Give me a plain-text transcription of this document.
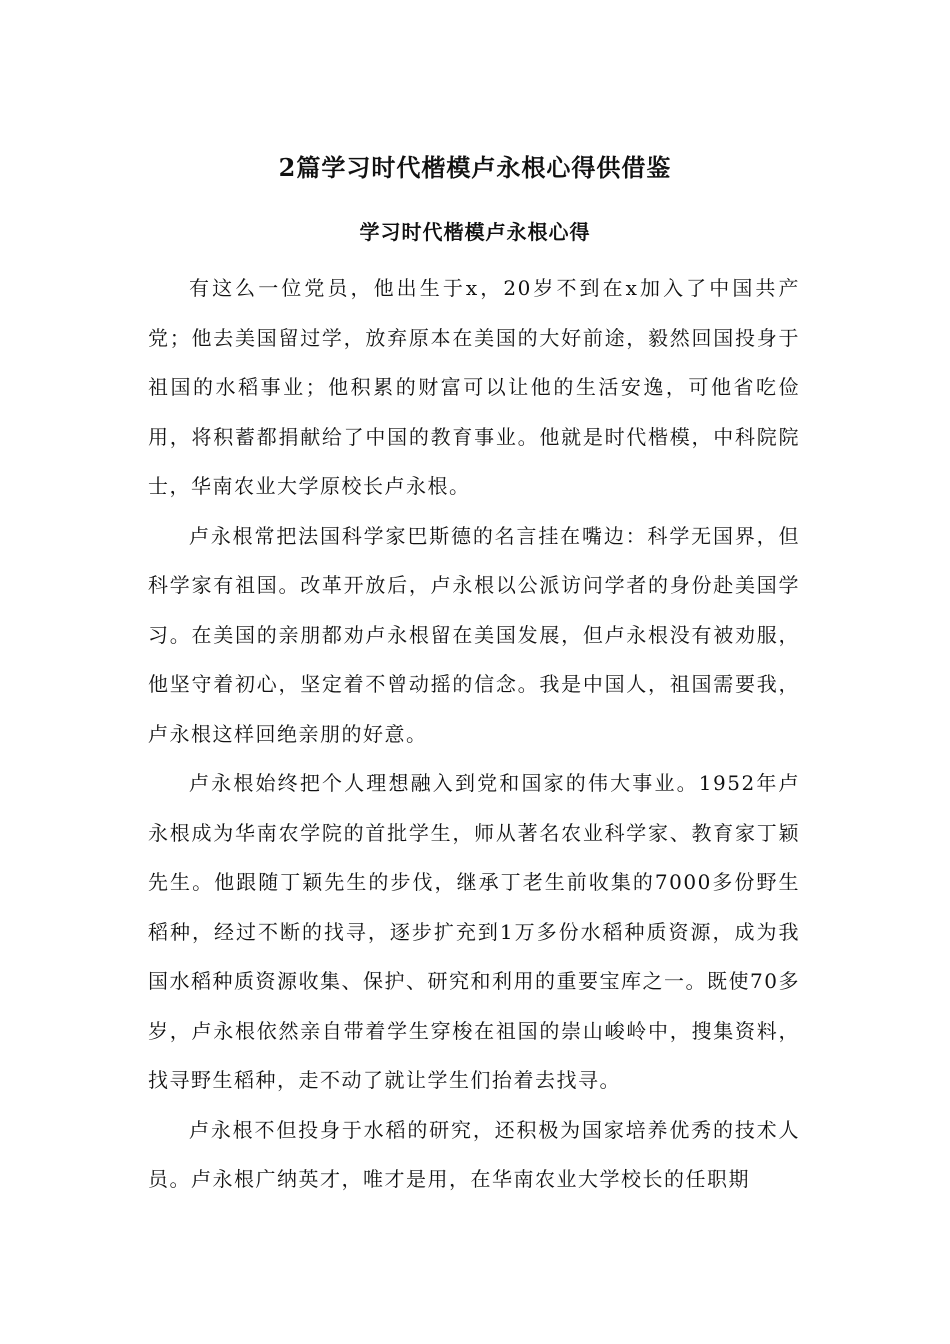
2篇学习时代楷模卢永根心得供借鉴
学习时代楷模卢永根心得

有这么一位党员，他出生于x，20岁不到在x加入了中国共产党；他去美国留过学，放弃原本在美国的大好前途，毅然回国投身于祖国的水稻事业；他积累的财富可以让他的生活安逸，可他省吃俭用，将积蓄都捐献给了中国的教育事业。他就是时代楷模，中科院院士，华南农业大学原校长卢永根。

卢永根常把法国科学家巴斯德的名言挂在嘴边：科学无国界，但科学家有祖国。改革开放后，卢永根以公派访问学者的身份赴美国学习。在美国的亲朋都劝卢永根留在美国发展，但卢永根没有被劝服，他坚守着初心，坚定着不曾动摇的信念。我是中国人，祖国需要我，卢永根这样回绝亲朋的好意。

卢永根始终把个人理想融入到党和国家的伟大事业。1952年卢永根成为华南农学院的首批学生，师从著名农业科学家、教育家丁颖先生。他跟随丁颖先生的步伐，继承丁老生前收集的7000多份野生稻种，经过不断的找寻，逐步扩充到1万多份水稻种质资源，成为我国水稻种质资源收集、保护、研究和利用的重要宝库之一。既使70多岁，卢永根依然亲自带着学生穿梭在祖国的崇山峻岭中，搜集资料，找寻野生稻种，走不动了就让学生们抬着去找寻。

卢永根不但投身于水稻的研究，还积极为国家培养优秀的技术人员。卢永根广纳英才，唯才是用，在华南农业大学校长的任职期
